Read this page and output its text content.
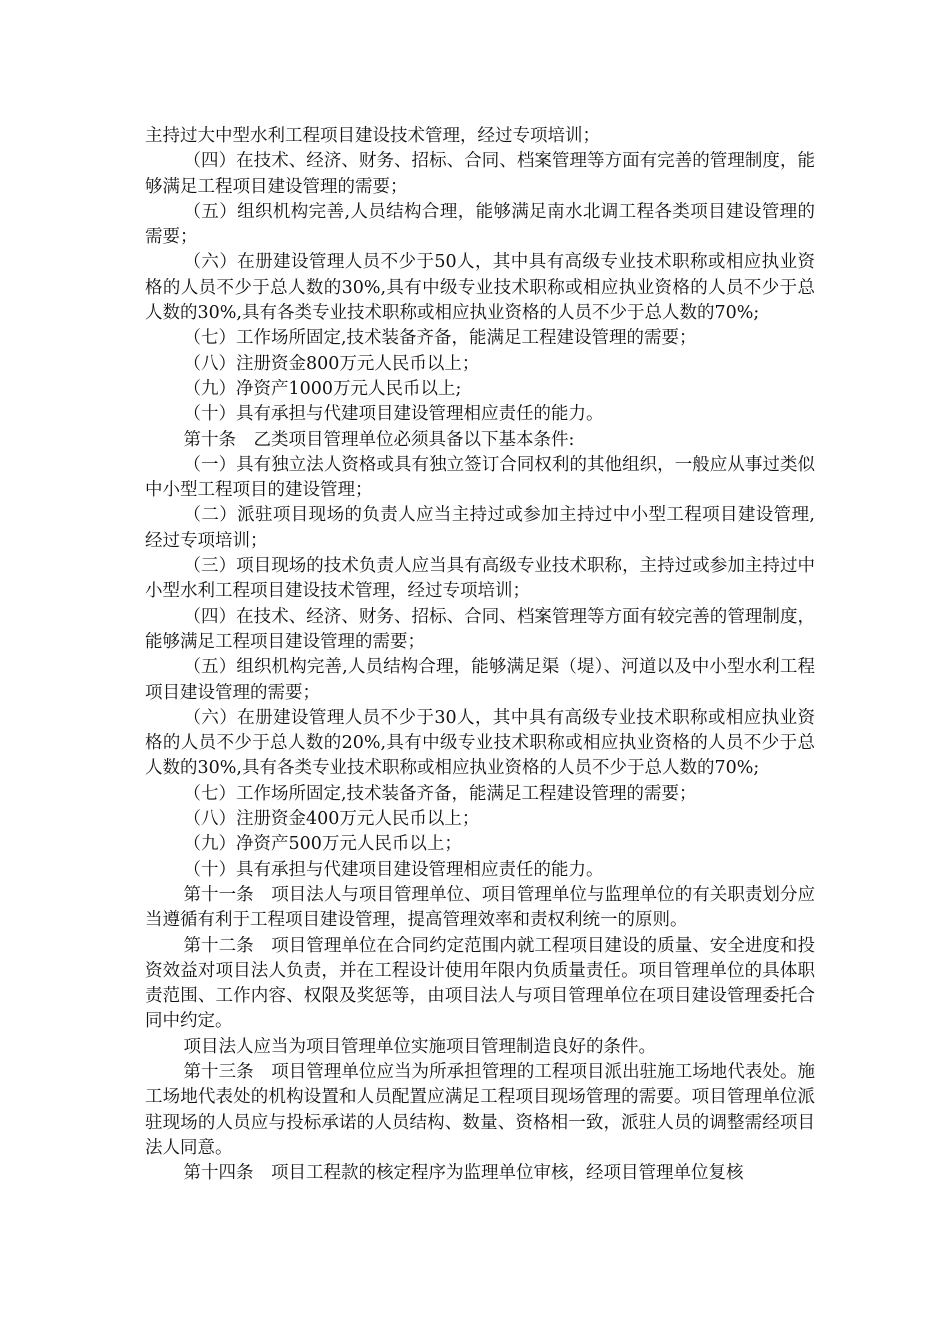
主持过大中型水利工程项目建设技术管理，经过专项培训；

（四）在技术、经济、财务、招标、合同、档案管理等方面有完善的管理制度，能够满足工程项目建设管理的需要；

（五）组织机构完善,人员结构合理，能够满足南水北调工程各类项目建设管理的需要；

（六）在册建设管理人员不少于50人，其中具有高级专业技术职称或相应执业资格的人员不少于总人数的30%,具有中级专业技术职称或相应执业资格的人员不少于总人数的30%,具有各类专业技术职称或相应执业资格的人员不少于总人数的70%;

（七）工作场所固定,技术装备齐备，能满足工程建设管理的需要；

（八）注册资金800万元人民币以上；

（九）净资产1000万元人民币以上;

（十）具有承担与代建项目建设管理相应责任的能力。

第十条　乙类项目管理单位必须具备以下基本条件:

（一）具有独立法人资格或具有独立签订合同权利的其他组织，一般应从事过类似中小型工程项目的建设管理；

（二）派驻项目现场的负责人应当主持过或参加主持过中小型工程项目建设管理,经过专项培训；

（三）项目现场的技术负责人应当具有高级专业技术职称，主持过或参加主持过中小型水利工程项目建设技术管理，经过专项培训；

（四）在技术、经济、财务、招标、合同、档案管理等方面有较完善的管理制度，能够满足工程项目建设管理的需要；

（五）组织机构完善,人员结构合理，能够满足渠（堤）、河道以及中小型水利工程项目建设管理的需要；

（六）在册建设管理人员不少于30人，其中具有高级专业技术职称或相应执业资格的人员不少于总人数的20%,具有中级专业技术职称或相应执业资格的人员不少于总人数的30%,具有各类专业技术职称或相应执业资格的人员不少于总人数的70%;

（七）工作场所固定,技术装备齐备，能满足工程建设管理的需要；

（八）注册资金400万元人民币以上；

（九）净资产500万元人民币以上；

（十）具有承担与代建项目建设管理相应责任的能力。

第十一条　项目法人与项目管理单位、项目管理单位与监理单位的有关职责划分应当遵循有利于工程项目建设管理，提高管理效率和责权利统一的原则。

第十二条　项目管理单位在合同约定范围内就工程项目建设的质量、安全进度和投资效益对项目法人负责，并在工程设计使用年限内负质量责任。项目管理单位的具体职责范围、工作内容、权限及奖惩等，由项目法人与项目管理单位在项目建设管理委托合同中约定。

项目法人应当为项目管理单位实施项目管理制造良好的条件。

第十三条　项目管理单位应当为所承担管理的工程项目派出驻施工场地代表处。施工场地代表处的机构设置和人员配置应满足工程项目现场管理的需要。项目管理单位派驻现场的人员应与投标承诺的人员结构、数量、资格相一致，派驻人员的调整需经项目法人同意。

第十四条　项目工程款的核定程序为监理单位审核，经项目管理单位复核
